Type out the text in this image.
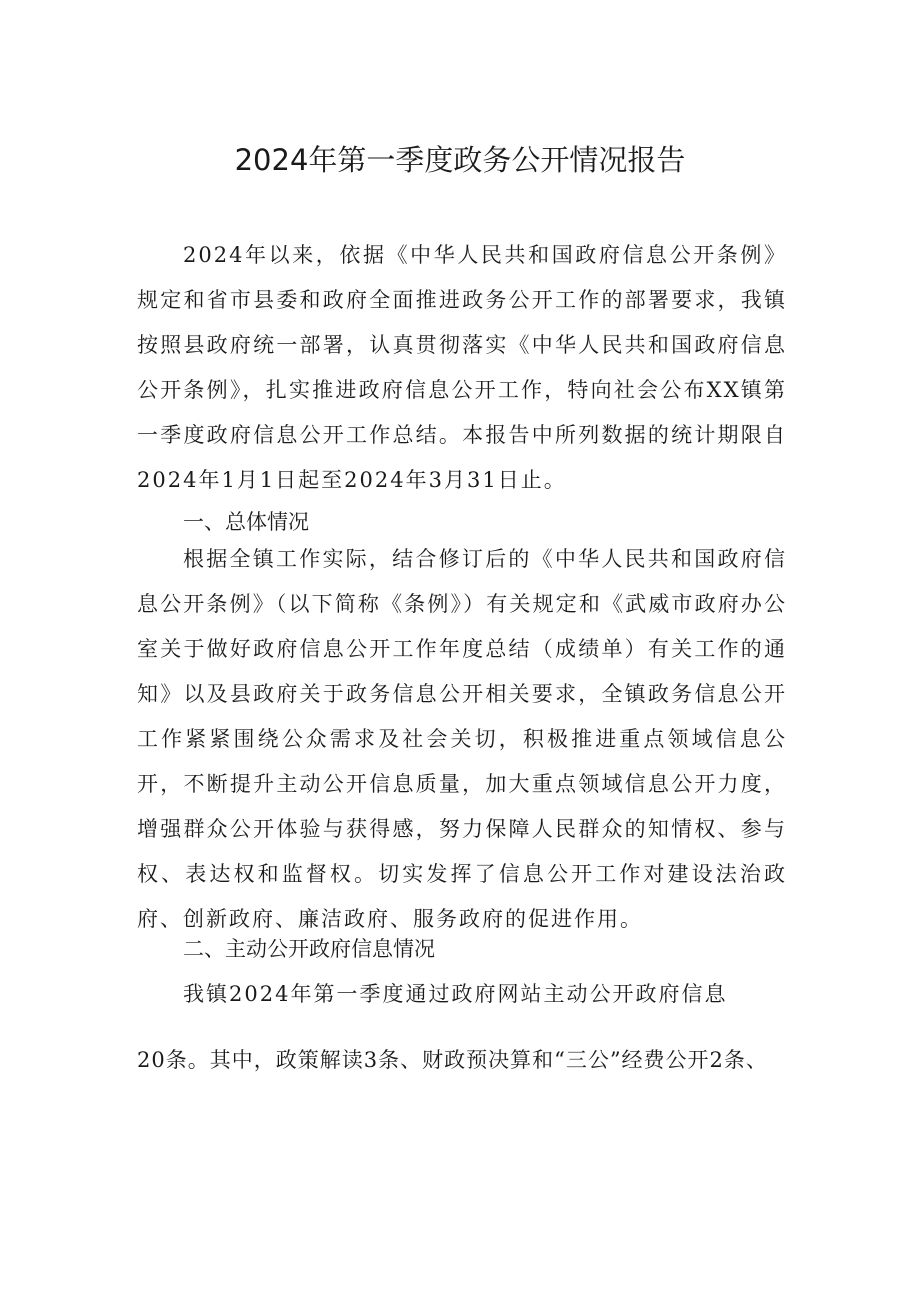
2024年第一季度政务公开情况报告

2024年以来，依据《中华人民共和国政府信息公开条例》规定和省市县委和政府全面推进政务公开工作的部署要求，我镇按照县政府统一部署，认真贯彻落实《中华人民共和国政府信息公开条例》，扎实推进政府信息公开工作，特向社会公布XX镇第一季度政府信息公开工作总结。本报告中所列数据的统计期限自2024年1月1日起至2024年3月31日止。

一、总体情况

根据全镇工作实际，结合修订后的《中华人民共和国政府信息公开条例》（以下简称《条例》）有关规定和《武威市政府办公室关于做好政府信息公开工作年度总结（成绩单）有关工作的通知》以及县政府关于政务信息公开相关要求，全镇政务信息公开工作紧紧围绕公众需求及社会关切，积极推进重点领域信息公开，不断提升主动公开信息质量，加大重点领域信息公开力度，增强群众公开体验与获得感，努力保障人民群众的知情权、参与权、表达权和监督权。切实发挥了信息公开工作对建设法治政府、创新政府、廉洁政府、服务政府的促进作用。

二、主动公开政府信息情况

我镇2024年第一季度通过政府网站主动公开政府信息

20条。其中，政策解读3条、财政预决算和“三公”经费公开2条、
